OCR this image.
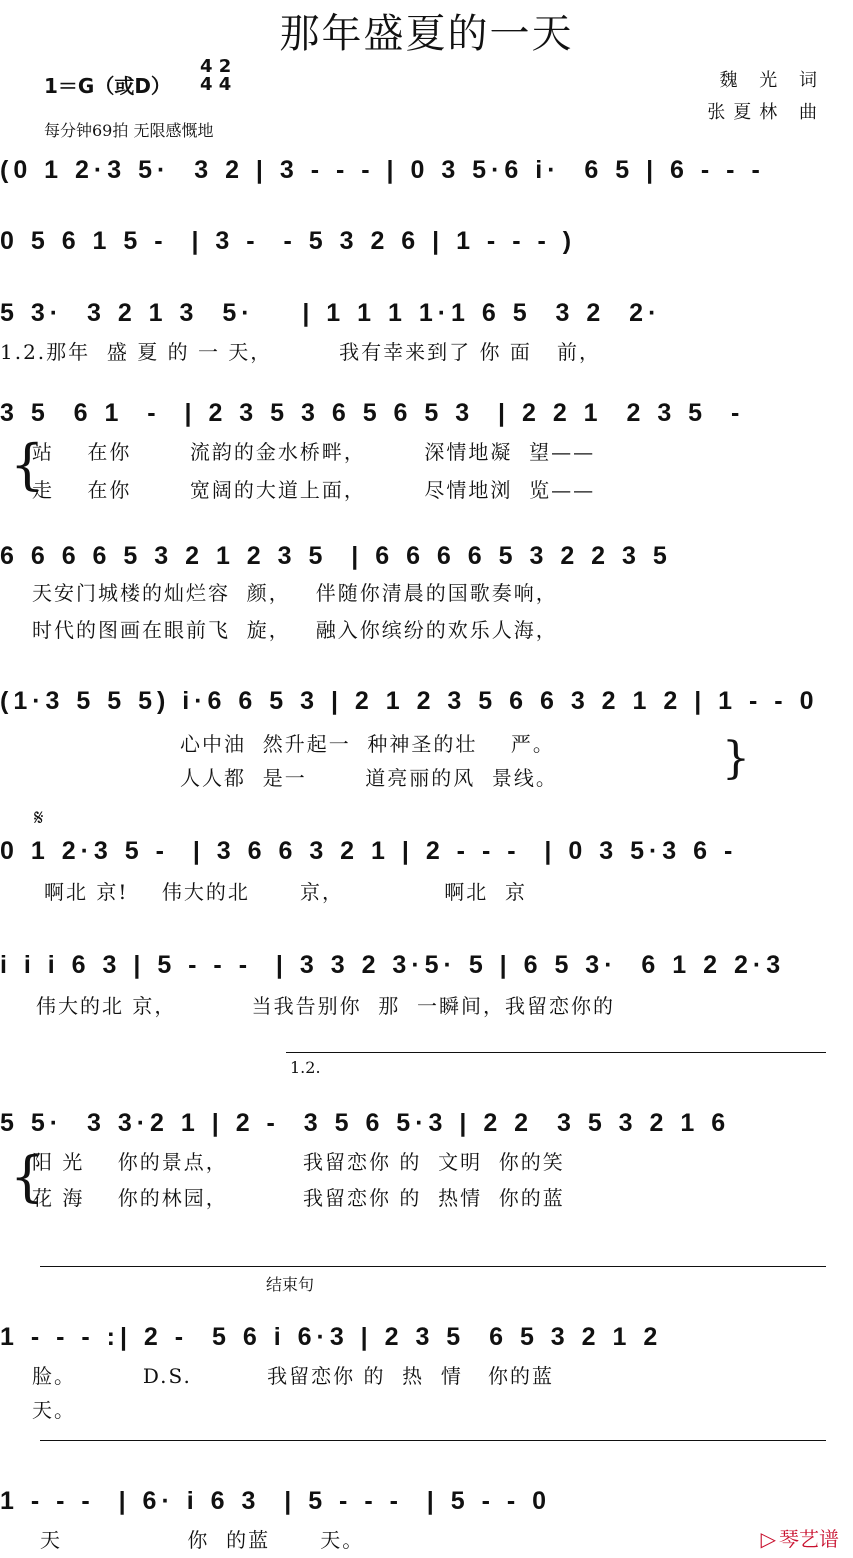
那年盛夏的一天
1＝G（或D）
4 2
4 4
每分钟69拍 无限感慨地
魏 光 词
张夏林 曲
(0 1 2·3 5·  3 2 | 3 - - - | 0 3 5·6 i·  6 5 | 6 - - -
0 5 6 1 5 -  | 3 -  - 5 3 2 6 | 1 - - - )
5 3·  3 2 1 3  5·    | 1 1 1 1·1 6 5  3 2  2·
1.2.那年  盛 夏 的 一 天，        我有幸来到了 你 面   前，
3 5  6 1  -  | 2 3 5 3 6 5 6 5 3  | 2 2 1  2 3 5  -
站    在你       流韵的金水桥畔，       深情地凝  望——
走    在你       宽阔的大道上面，       尽情地浏  览——
{
6 6 6 6 5 3 2 1 2 3 5  | 6 6 6 6 5 3 2 2 3 5
天安门城楼的灿烂容  颜，   伴随你清晨的国歌奏响，
时代的图画在眼前飞  旋，   融入你缤纷的欢乐人海，
(1·3 5 5 5) i·6 6 5 3 | 2 1 2 3 5 6 6 3 2 1 2 | 1 - - 0
心中油  然升起一  种神圣的壮    严。
人人都  是一       道亮丽的风  景线。	}
𝄋
0 1 2·3 5 -  | 3 6 6 3 2 1 | 2 - - -  | 0 3 5·3 6 -
啊北 京!    伟大的北      京，            啊北  京
i i i 6 3 | 5 - - -  | 3 3 2 3·5· 5 | 6 5 3·  6 1 2 2·3
伟大的北 京，         当我告别你  那  一瞬间，我留恋你的
1.2.
5 5·  3 3·2 1 | 2 -  3 5 6 5·3 | 2 2  3 5 3 2 1 6
阳 光    你的景点，         我留恋你 的  文明  你的笑
花 海    你的林园，         我留恋你 的  热情  你的蓝
{
结束句
1 - - - :| 2 -  5 6 i 6·3 | 2 3 5  6 5 3 2 1 2
脸。        D.S.         我留恋你 的  热  情   你的蓝
天。
1 - - -  | 6· i 6 3  | 5 - - -  | 5 - - 0
天               你  的蓝      天。	▷ 琴艺谱
